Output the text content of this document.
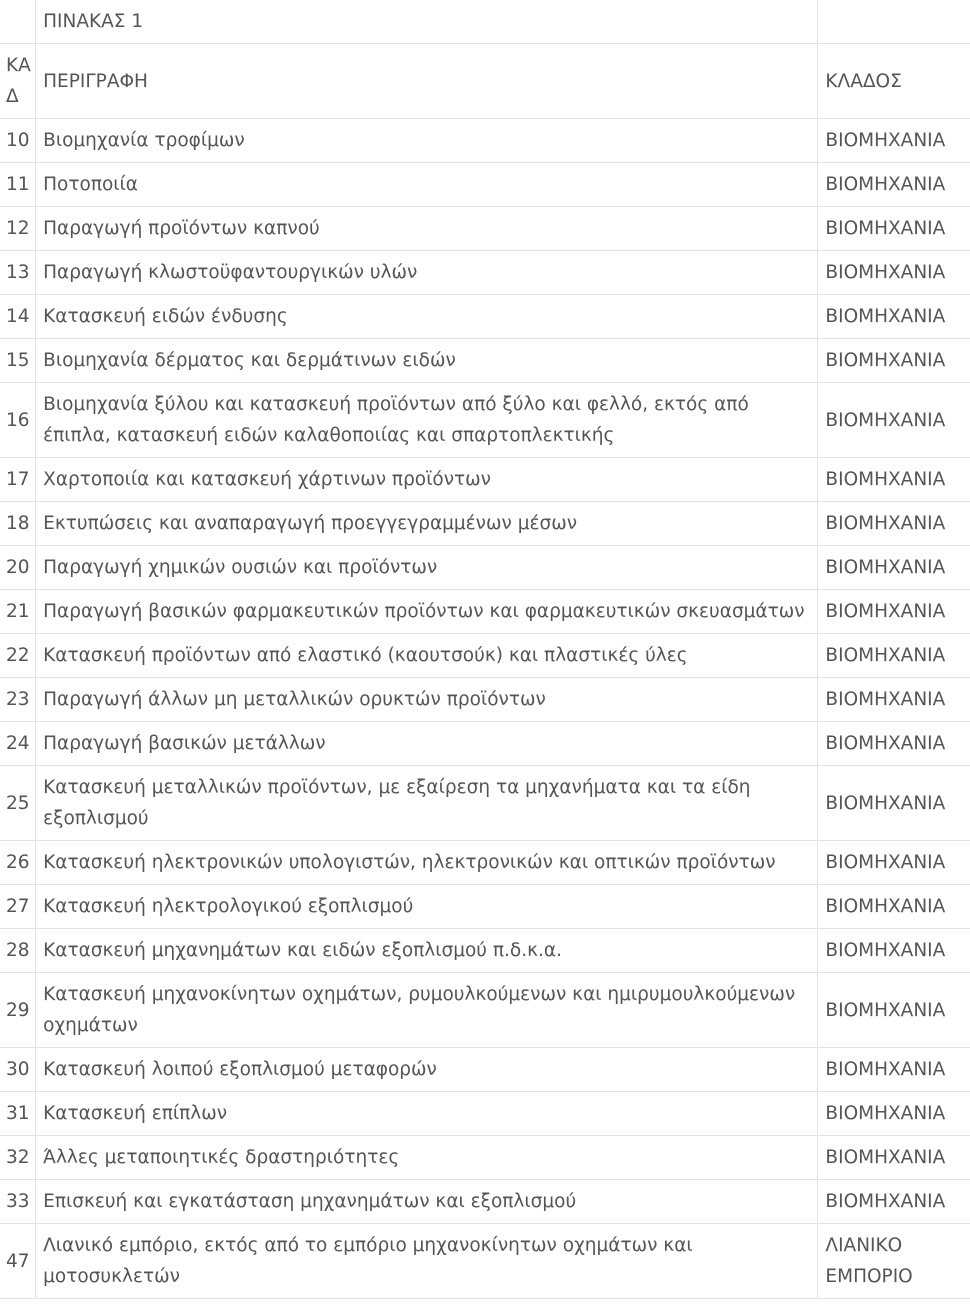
	ΠΙΝΑΚΑΣ 1	
ΚΑΔ	ΠΕΡΙΓΡΑΦΗ	ΚΛΑΔΟΣ
10	Βιομηχανία τροφίμων	ΒΙΟΜΗΧΑΝΙΑ
11	Ποτοποιία	ΒΙΟΜΗΧΑΝΙΑ
12	Παραγωγή προϊόντων καπνού	ΒΙΟΜΗΧΑΝΙΑ
13	Παραγωγή κλωστοϋφαντουργικών υλών	ΒΙΟΜΗΧΑΝΙΑ
14	Κατασκευή ειδών ένδυσης	ΒΙΟΜΗΧΑΝΙΑ
15	Βιομηχανία δέρματος και δερμάτινων ειδών	ΒΙΟΜΗΧΑΝΙΑ
16	Βιομηχανία ξύλου και κατασκευή προϊόντων από ξύλο και φελλό, εκτός από έπιπλα, κατασκευή ειδών καλαθοποιίας και σπαρτοπλεκτικής	ΒΙΟΜΗΧΑΝΙΑ
17	Χαρτοποιία και κατασκευή χάρτινων προϊόντων	ΒΙΟΜΗΧΑΝΙΑ
18	Εκτυπώσεις και αναπαραγωγή προεγγεγραμμένων μέσων	ΒΙΟΜΗΧΑΝΙΑ
20	Παραγωγή χημικών ουσιών και προϊόντων	ΒΙΟΜΗΧΑΝΙΑ
21	Παραγωγή βασικών φαρμακευτικών προϊόντων και φαρμακευτικών σκευασμάτων	ΒΙΟΜΗΧΑΝΙΑ
22	Κατασκευή προϊόντων από ελαστικό (καουτσούκ) και πλαστικές ύλες	ΒΙΟΜΗΧΑΝΙΑ
23	Παραγωγή άλλων μη μεταλλικών ορυκτών προϊόντων	ΒΙΟΜΗΧΑΝΙΑ
24	Παραγωγή βασικών μετάλλων	ΒΙΟΜΗΧΑΝΙΑ
25	Κατασκευή μεταλλικών προϊόντων, με εξαίρεση τα μηχανήματα και τα είδη εξοπλισμού	ΒΙΟΜΗΧΑΝΙΑ
26	Κατασκευή ηλεκτρονικών υπολογιστών, ηλεκτρονικών και οπτικών προϊόντων	ΒΙΟΜΗΧΑΝΙΑ
27	Κατασκευή ηλεκτρολογικού εξοπλισμού	ΒΙΟΜΗΧΑΝΙΑ
28	Κατασκευή μηχανημάτων και ειδών εξοπλισμού π.δ.κ.α.	ΒΙΟΜΗΧΑΝΙΑ
29	Κατασκευή μηχανοκίνητων οχημάτων, ρυμουλκούμενων και ημιρυμουλκούμενων οχημάτων	ΒΙΟΜΗΧΑΝΙΑ
30	Κατασκευή λοιπού εξοπλισμού μεταφορών	ΒΙΟΜΗΧΑΝΙΑ
31	Κατασκευή επίπλων	ΒΙΟΜΗΧΑΝΙΑ
32	Άλλες μεταποιητικές δραστηριότητες	ΒΙΟΜΗΧΑΝΙΑ
33	Επισκευή και εγκατάσταση μηχανημάτων και εξοπλισμού	ΒΙΟΜΗΧΑΝΙΑ
47	Λιανικό εμπόριο, εκτός από το εμπόριο μηχανοκίνητων οχημάτων και μοτοσυκλετών	ΛΙΑΝΙΚΟ ΕΜΠΟΡΙΟ
